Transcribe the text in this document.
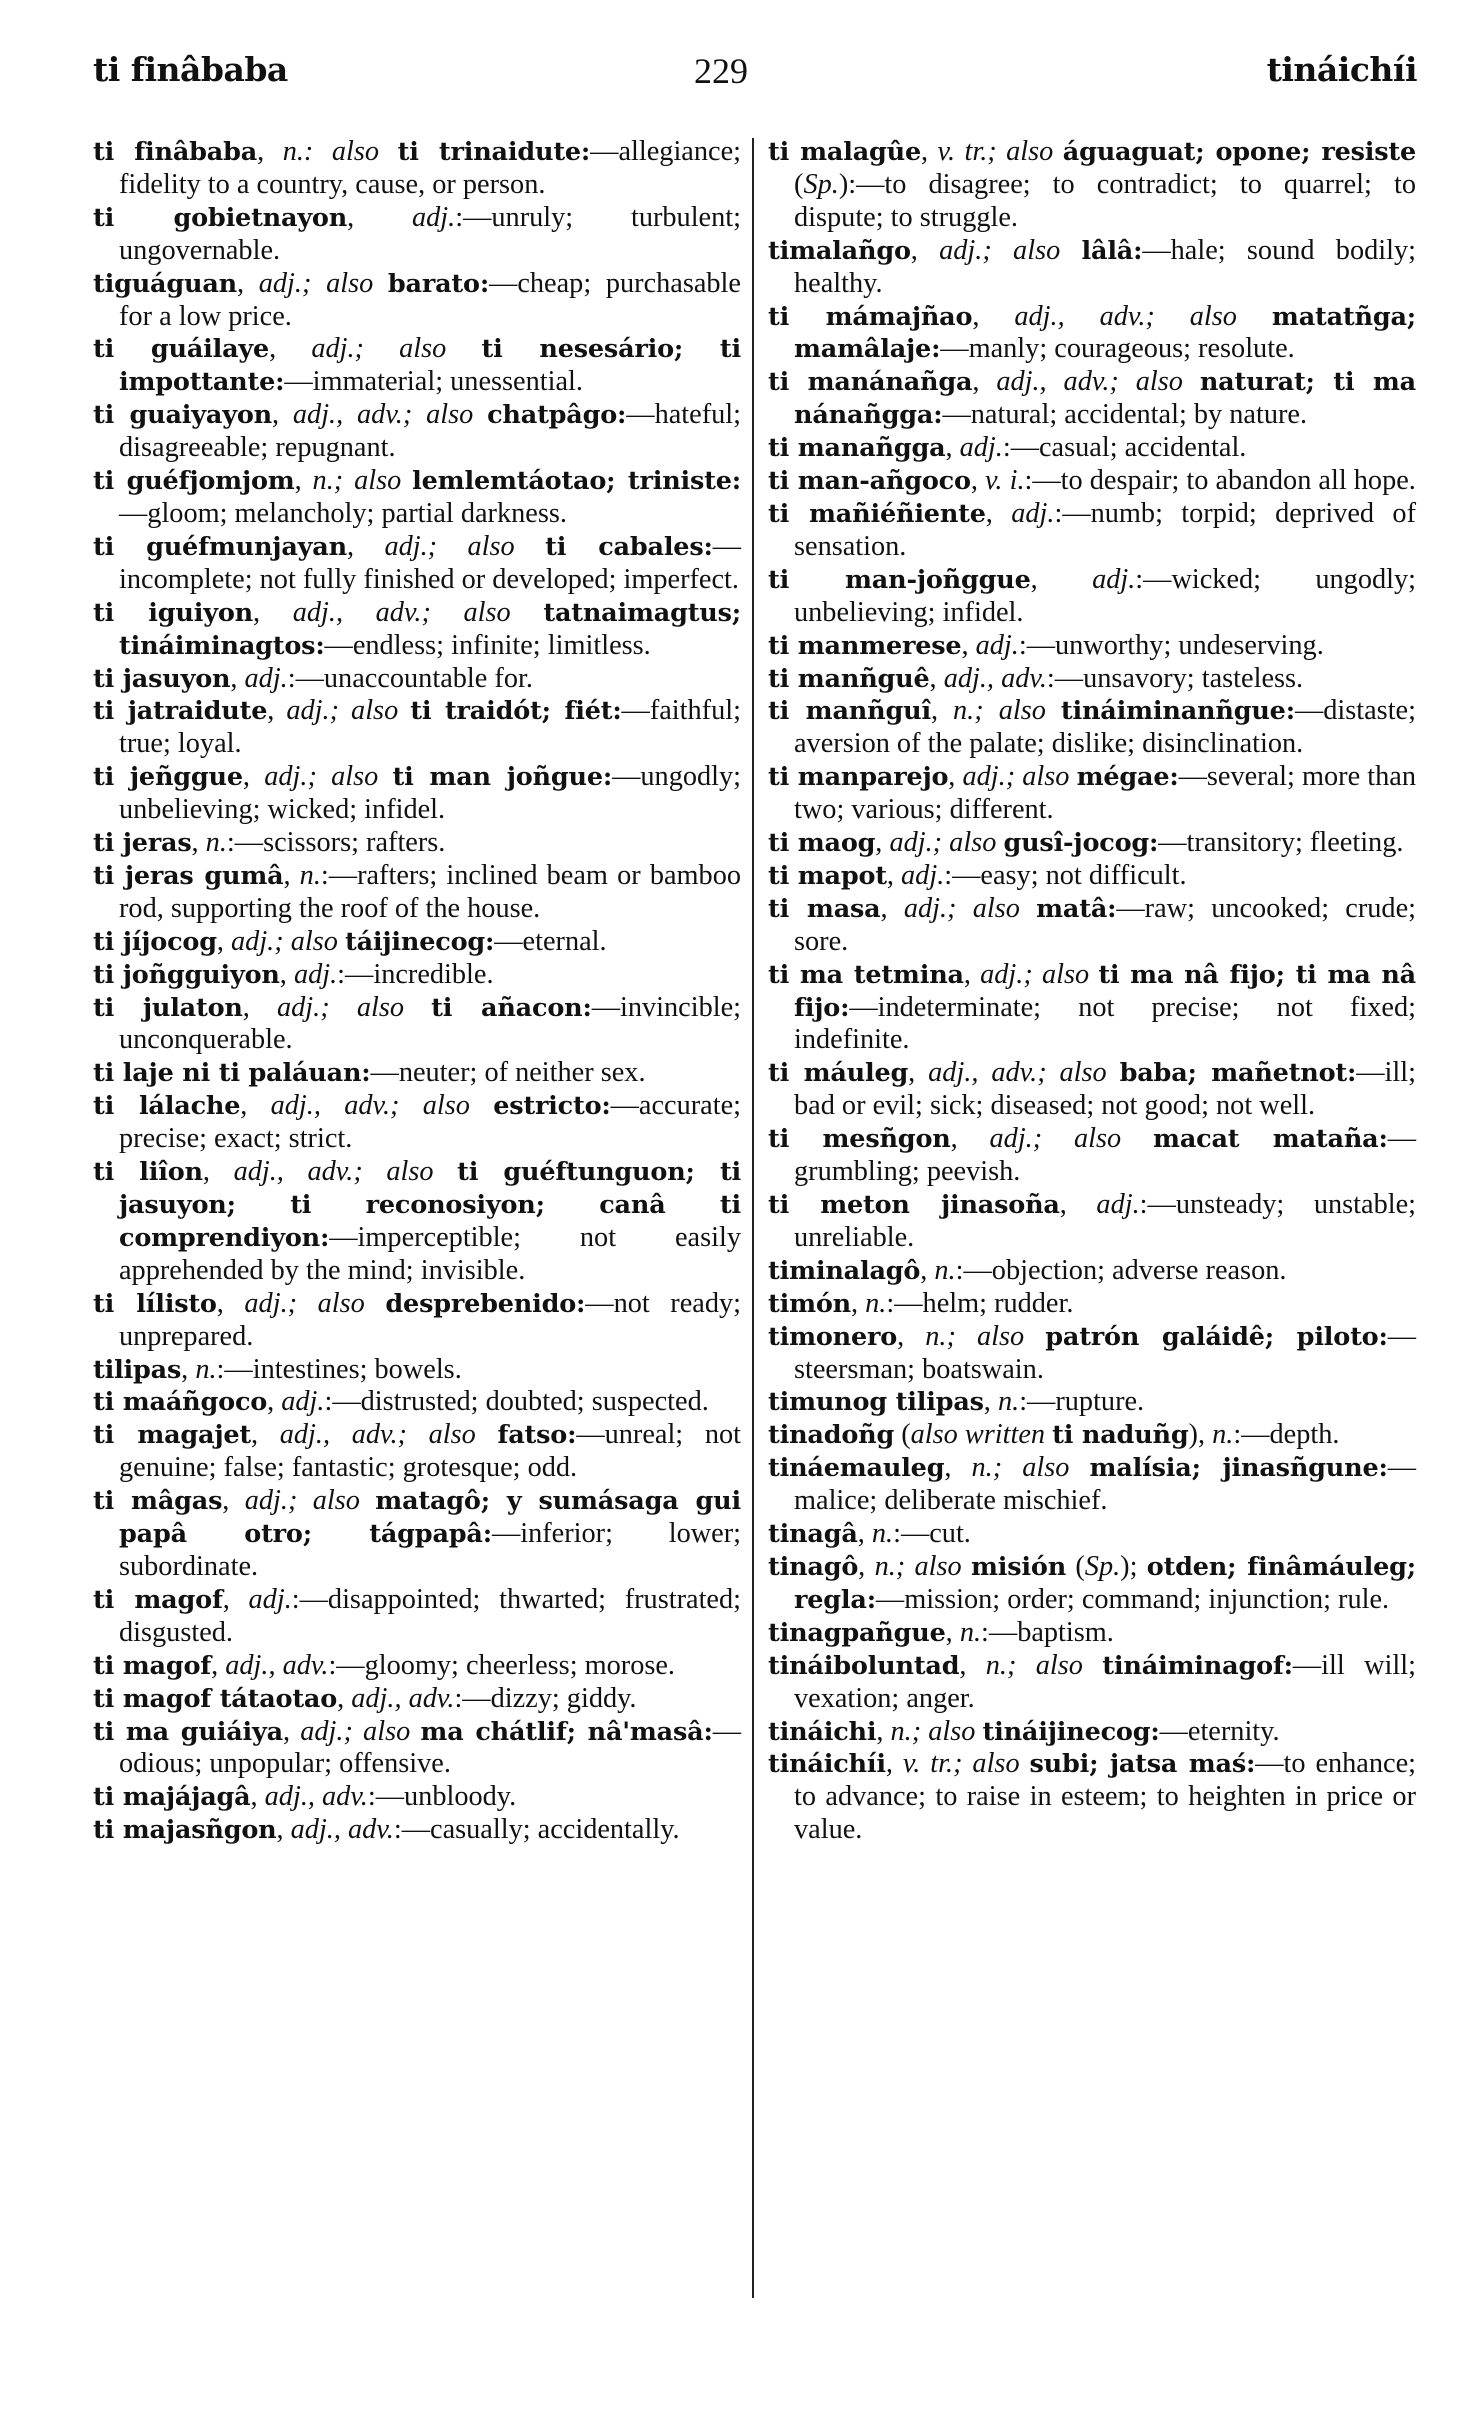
ti finâbaba	229	tináichíi

ti finâbaba, n.: also ti trinaidute:—allegiance; fidelity to a country, cause, or person.

ti gobietnayon, adj.:—unruly; turbulent; ungovernable.

tiguáguan, adj.; also barato:—cheap; purchasable for a low price.

ti guáilaye, adj.; also ti nesesário; ti impottante:—immaterial; unessential.

ti guaiyayon, adj., adv.; also chatpâgo:—hateful; disagreeable; repugnant.

ti guéfjomjom, n.; also lemlemtáotao; triniste:—gloom; melancholy; partial darkness.

ti guéfmunjayan, adj.; also ti cabales:—incomplete; not fully finished or developed; imperfect.

ti iguiyon, adj., adv.; also tatnaimagtus; tináiminagtos:—endless; infinite; limitless.

ti jasuyon, adj.:—unaccountable for.

ti jatraidute, adj.; also ti traidót; fiét:—faithful; true; loyal.

ti jeñggue, adj.; also ti man joñgue:—ungodly; unbelieving; wicked; infidel.

ti jeras, n.:—scissors; rafters.

ti jeras gumâ, n.:—rafters; inclined beam or bamboo rod, supporting the roof of the house.

ti jíjocog, adj.; also táijinecog:—eternal.

ti joñgguiyon, adj.:—incredible.

ti julaton, adj.; also ti añacon:—invincible; unconquerable.

ti laje ni ti paláuan:—neuter; of neither sex.

ti lálache, adj., adv.; also estricto:—accurate; precise; exact; strict.

ti liîon, adj., adv.; also ti guéftunguon; ti jasuyon; ti reconosiyon; canâ ti comprendiyon:—imperceptible; not easily apprehended by the mind; invisible.

ti lílisto, adj.; also desprebenido:—not ready; unprepared.

tilipas, n.:—intestines; bowels.

ti maáñgoco, adj.:—distrusted; doubted; suspected.

ti magajet, adj., adv.; also fatso:—unreal; not genuine; false; fantastic; grotesque; odd.

ti mâgas, adj.; also matagô; y sumásaga gui papâ otro; tágpapâ:—inferior; lower; subordinate.

ti magof, adj.:—disappointed; thwarted; frustrated; disgusted.

ti magof, adj., adv.:—gloomy; cheerless; morose.

ti magof tátaotao, adj., adv.:—dizzy; giddy.

ti ma guiáiya, adj.; also ma chátlif; nâ'masâ:—odious; unpopular; offensive.

ti majájagâ, adj., adv.:—unbloody.

ti majasñgon, adj., adv.:—casually; accidentally.

ti malagûe, v. tr.; also águaguat; opone; resiste (Sp.):—to disagree; to contradict; to quarrel; to dispute; to struggle.

timalañgo, adj.; also lâlâ:—hale; sound bodily; healthy.

ti mámajñao, adj., adv.; also matatñga; mamâlaje:—manly; courageous; resolute.

ti manánañga, adj., adv.; also naturat; ti ma nánañgga:—natural; accidental; by nature.

ti manañgga, adj.:—casual; accidental.

ti man-añgoco, v. i.:—to despair; to abandon all hope.

ti mañiéñiente, adj.:—numb; torpid; deprived of sensation.

ti man-joñggue, adj.:—wicked; ungodly; unbelieving; infidel.

ti manmerese, adj.:—unworthy; undeserving.

ti manñguê, adj., adv.:—unsavory; tasteless.

ti manñguî, n.; also tináiminanñgue:—distaste; aversion of the palate; dislike; disinclination.

ti manparejo, adj.; also mégae:—several; more than two; various; different.

ti maog, adj.; also gusî-jocog:—transitory; fleeting.

ti mapot, adj.:—easy; not difficult.

ti masa, adj.; also matâ:—raw; uncooked; crude; sore.

ti ma tetmina, adj.; also ti ma nâ fijo; ti ma nâ fijo:—indeterminate; not precise; not fixed; indefinite.

ti máuleg, adj., adv.; also baba; mañetnot:—ill; bad or evil; sick; diseased; not good; not well.

ti mesñgon, adj.; also macat mataña:—grumbling; peevish.

ti meton jinasoña, adj.:—unsteady; unstable; unreliable.

timinalagô, n.:—objection; adverse reason.

timón, n.:—helm; rudder.

timonero, n.; also patrón galáidê; piloto:—steersman; boatswain.

timunog tilipas, n.:—rupture.

tinadoñg (also written ti naduñg), n.:—depth.

tináemauleg, n.; also malísia; jinasñgune:—malice; deliberate mischief.

tinagâ, n.:—cut.

tinagô, n.; also misión (Sp.); otden; finâmáuleg; regla:—mission; order; command; injunction; rule.

tinagpañgue, n.:—baptism.

tináiboluntad, n.; also tináiminagof:—ill will; vexation; anger.

tináichi, n.; also tináijinecog:—eternity.

tináichíi, v. tr.; also subi; jatsa maś:—to enhance; to advance; to raise in esteem; to heighten in price or value.
